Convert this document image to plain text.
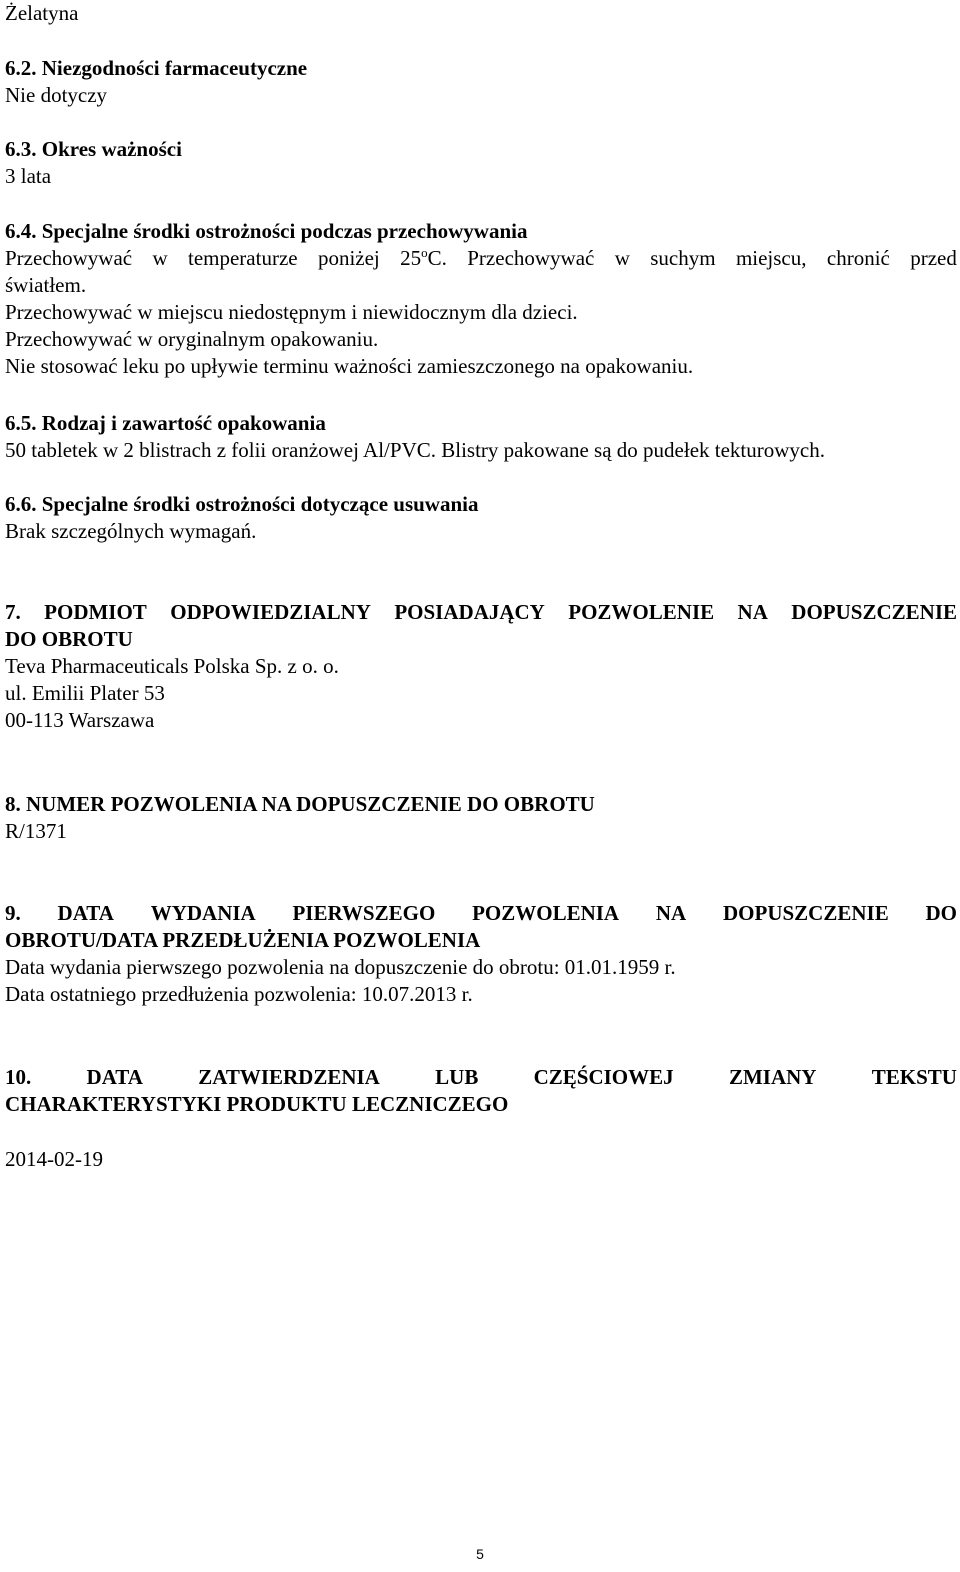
Żelatyna
6.2. Niezgodności farmaceutyczne
Nie dotyczy
6.3. Okres ważności
3 lata
6.4. Specjalne środki ostrożności podczas przechowywania
Przechowywać w temperaturze poniżej 25$^o$C. Przechowywać w suchym miejscu, chronić przed
światłem.
Przechowywać w miejscu niedostępnym i niewidocznym dla dzieci.
Przechowywać w oryginalnym opakowaniu.
Nie stosować leku po upływie terminu ważności zamieszczonego na opakowaniu.
6.5. Rodzaj i zawartość opakowania
50 tabletek w 2 blistrach z folii oranżowej Al/PVC. Blistry pakowane są do pudełek tekturowych.
6.6. Specjalne środki ostrożności dotyczące usuwania
Brak szczególnych wymagań.
7. PODMIOT ODPOWIEDZIALNY POSIADAJĄCY POZWOLENIE NA DOPUSZCZENIE
DO OBROTU
Teva Pharmaceuticals Polska Sp. z o. o.
ul. Emilii Plater 53
00-113 Warszawa
8. NUMER POZWOLENIA NA DOPUSZCZENIE DO OBROTU
R/1371
9. DATA WYDANIA PIERWSZEGO POZWOLENIA NA DOPUSZCZENIE DO
OBROTU/DATA PRZEDŁUŻENIA POZWOLENIA
Data wydania pierwszego pozwolenia na dopuszczenie do obrotu: 01.01.1959 r.
Data ostatniego przedłużenia pozwolenia: 10.07.2013 r.
10.	DATA	ZATWIERDZENIA	LUB	CZĘŚCIOWEJ	ZMIANY	TEKSTU
CHARAKTERYSTYKI PRODUKTU LECZNICZEGO
2014-02-19
5
